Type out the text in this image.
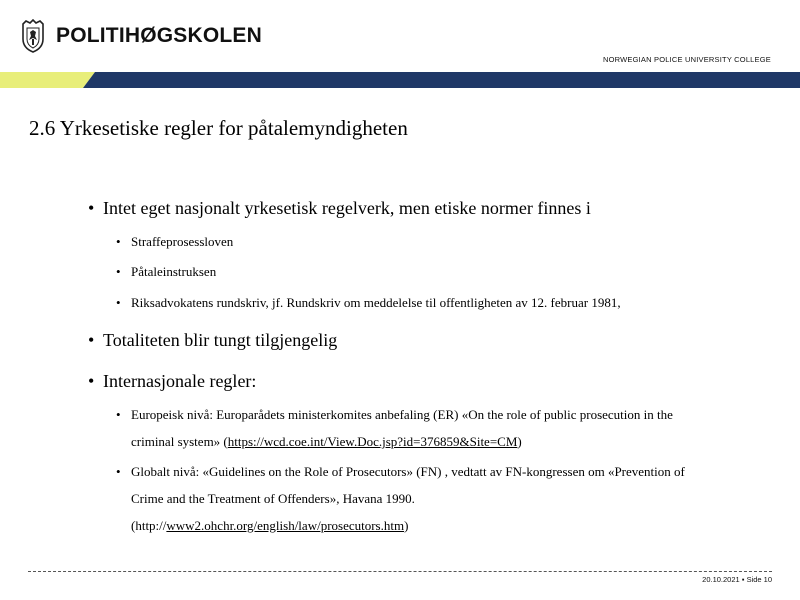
POLITIHØGSKOLEN
NORWEGIAN POLICE UNIVERSITY COLLEGE
2.6 Yrkesetiske regler for påtalemyndigheten
• Intet eget nasjonalt yrkesetisk regelverk, men etiske normer finnes i
• Straffeprosessloven
• Påtaleinstruksen
• Riksadvokatens rundskriv, jf. Rundskriv om meddelelse til offentligheten av 12. februar 1981,
• Totaliteten blir tungt tilgjengelig
• Internasjonale regler:
• Europeisk nivå: Europarådets ministerkomites anbefaling (ER) «On the role of public prosecution in the
criminal system» (https://wcd.coe.int/View.Doc.jsp?id=376859&Site=CM)
• Globalt nivå: «Guidelines on the Role of Prosecutors» (FN) , vedtatt av FN-kongressen om «Prevention of
Crime and the Treatment of Offenders», Havana 1990.
(http://www2.ohchr.org/english/law/prosecutors.htm)
20.10.2021 ▪ Side 10
